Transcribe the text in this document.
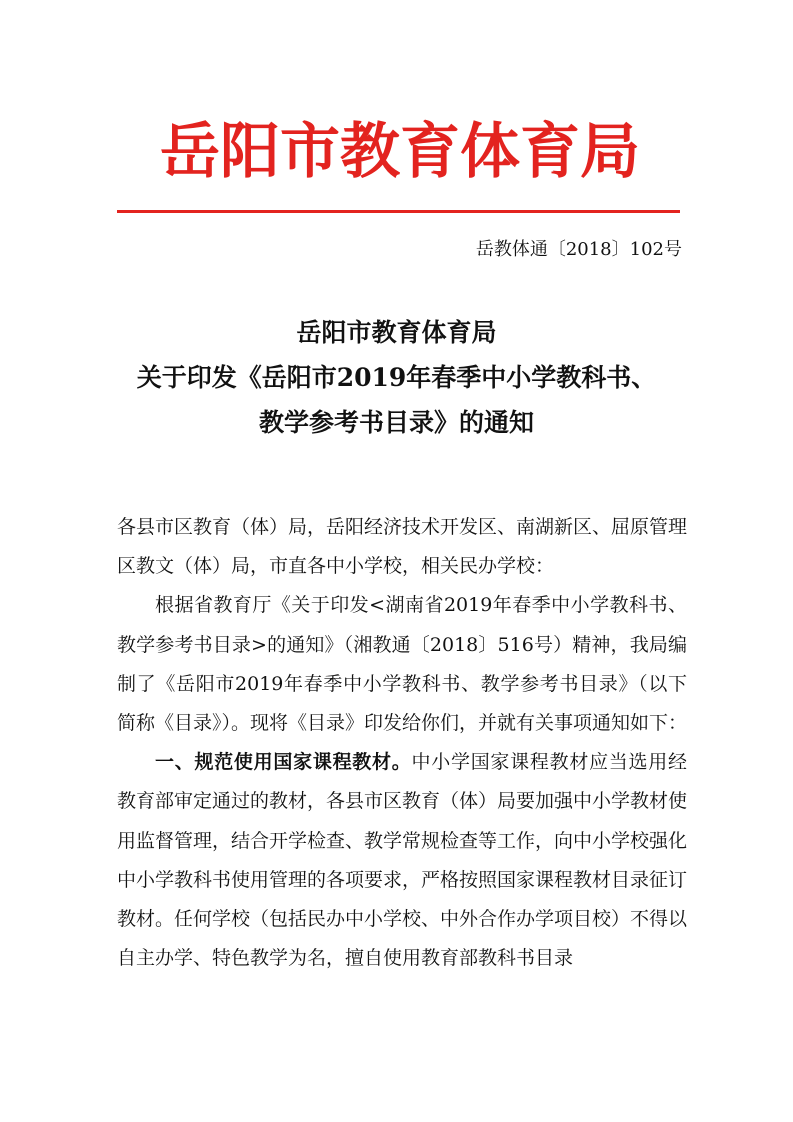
岳阳市教育体育局
岳教体通〔2018〕102号
岳阳市教育体育局
关于印发《岳阳市2019年春季中小学教科书、
教学参考书目录》的通知

各县市区教育（体）局，岳阳经济技术开发区、南湖新区、屈原管理区教文（体）局，市直各中小学校，相关民办学校：

根据省教育厅《关于印发<湖南省2019年春季中小学教科书、教学参考书目录>的通知》（湘教通〔2018〕516号）精神，我局编制了《岳阳市2019年春季中小学教科书、教学参考书目录》（以下简称《目录》）。现将《目录》印发给你们，并就有关事项通知如下：

一、规范使用国家课程教材。中小学国家课程教材应当选用经教育部审定通过的教材，各县市区教育（体）局要加强中小学教材使用监督管理，结合开学检查、教学常规检查等工作，向中小学校强化中小学教科书使用管理的各项要求，严格按照国家课程教材目录征订教材。任何学校（包括民办中小学校、中外合作办学项目校）不得以自主办学、特色教学为名，擅自使用教育部教科书目录
